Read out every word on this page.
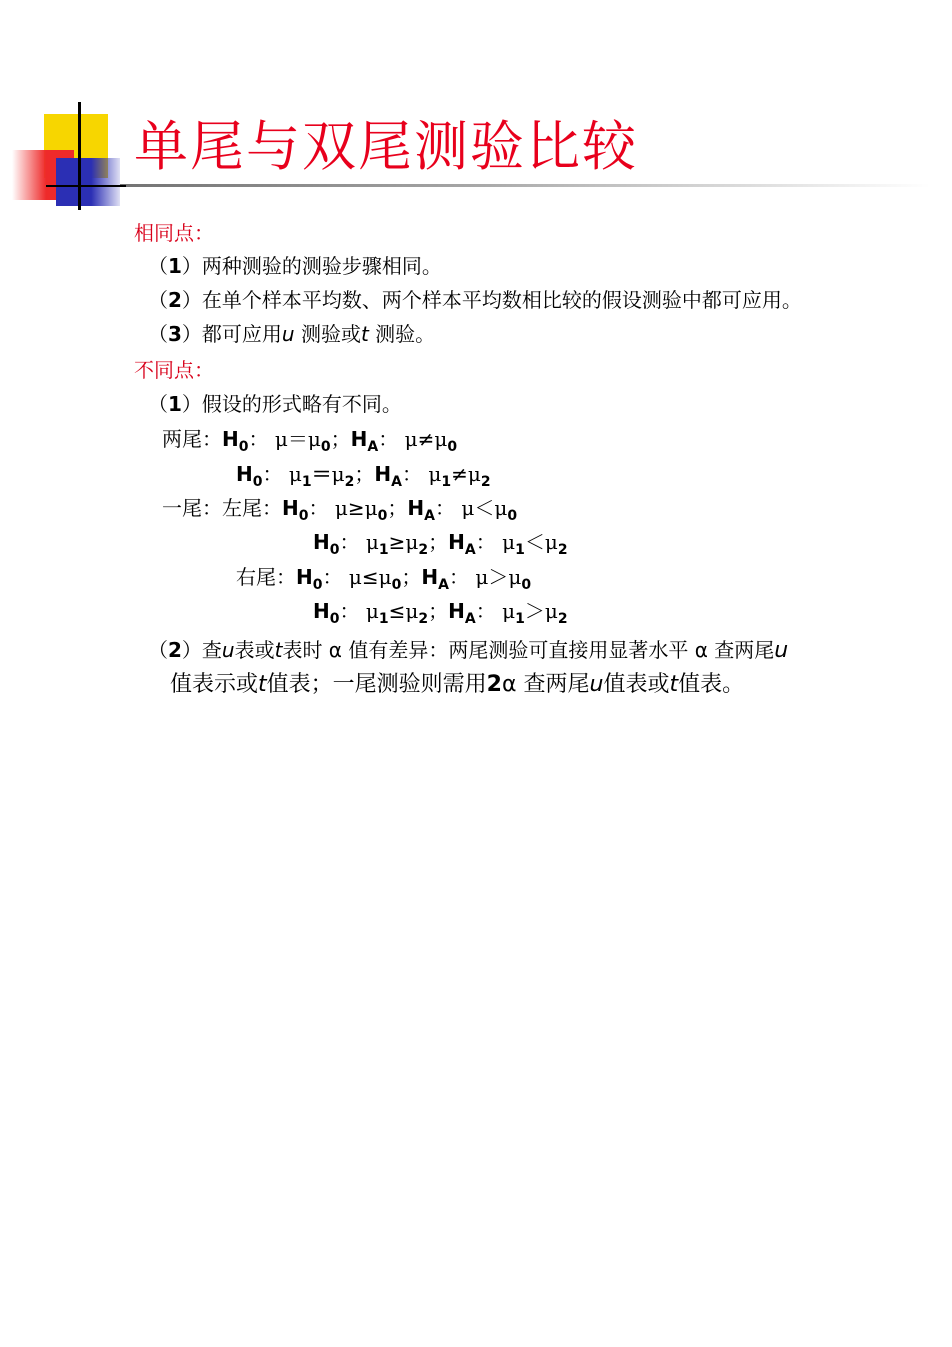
单尾与双尾测验比较
相同点：
（1）两种测验的测验步骤相同。
（2）在单个样本平均数、两个样本平均数相比较的假设测验中都可应用。
（3）都可应用u 测验或t 测验。
不同点：
（1）假设的形式略有不同。
两尾：$H_0$： $\mu=\mu_0$；$H_A$： $\mu\ne\mu_0$
$H_0$： $\mu_1=\mu_2$；$H_A$： $\mu_1\ne\mu_2$
一尾：左尾：$H_0$： $\mu\ge\mu_0$；$H_A$： $\mu<\mu_0$
$H_0$： $\mu_1\ge\mu_2$；$H_A$： $\mu_1<\mu_2$
右尾：$H_0$： $\mu\le\mu_0$；$H_A$： $\mu>\mu_0$
$H_0$： $\mu_1\le\mu_2$；$H_A$： $\mu_1>\mu_2$
（2）查u表或t表时 α 值有差异：两尾测验可直接用显著水平 α 查两尾u
值表示或t值表；一尾测验则需用2α 查两尾u值表或t值表。
